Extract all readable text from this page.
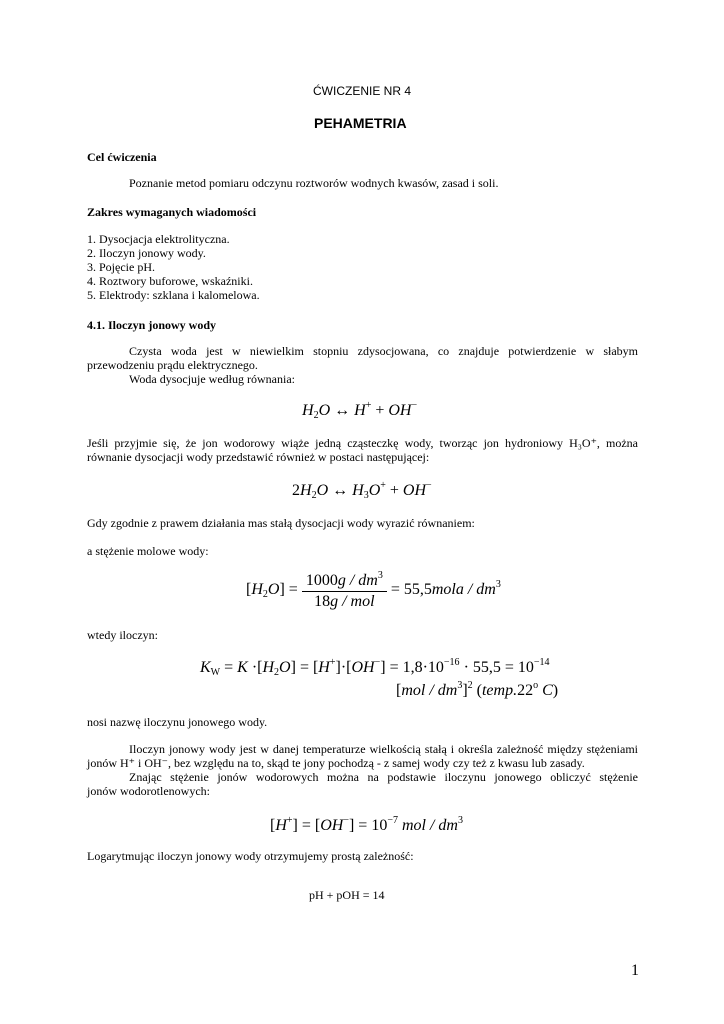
ĆWICZENIE NR 4

PEHAMETRIA

Cel ćwiczenia

Poznanie metod pomiaru odczynu roztworów wodnych kwasów, zasad i soli.

Zakres wymaganych wiadomości

1. Dysocjacja elektrolityczna.
2. Iloczyn jonowy wody.
3. Pojęcie pH.
4. Roztwory buforowe, wskaźniki.
5. Elektrody: szklana i kalomelowa.

4.1. Iloczyn jonowy wody

Czysta woda jest w niewielkim stopniu zdysocjowana, co znajduje potwierdzenie w słabym

przewodzeniu prądu elektrycznego.

Woda dysocjuje według równania:

$H_2O$ ↔ H+ + OH−

Jeśli przyjmie się, że jon wodorowy wiąże jedną cząsteczkę wody, tworząc jon hydroniowy H₃O⁺, można

równanie dysocjacji wody przedstawić również w postaci następującej:

$2H_2O$ ↔ $H_3O^+ + OH^-$

Gdy zgodnie z prawem działania mas stałą dysocjacji wody wyrazić równaniem:

a stężenie molowe wody:

$[H_2O] = \frac{1000g / dm^3}{\text{18g / mol}}$ = 55,5mola / $dm^3$

wtedy iloczyn:

$K_W = K \cdot[H_2O] = [H^+]\cdot[OH^-] = 1,8\cdot 10^{-16} \cdot 55,5 = 10^{-14}$
$[mol / dm^3]^2$ (temp.22$^o$ C)

nosi nazwę iloczynu jonowego wody.

Iloczyn jonowy wody jest w danej temperaturze wielkością stałą i określa zależność między stężeniami

jonów H⁺ i OH⁻, bez względu na to, skąd te jony pochodzą - z samej wody czy też z kwasu lub zasady.

Znając stężenie jonów wodorowych można na podstawie iloczynu jonowego obliczyć stężenie

jonów wodorotlenowych:

$[H^+] = [OH^-] = 10^{-7}$ mol / $dm^3$

Logarytmując iloczyn jonowy wody otrzymujemy prostą zależność:

pH + pOH = 14

1
